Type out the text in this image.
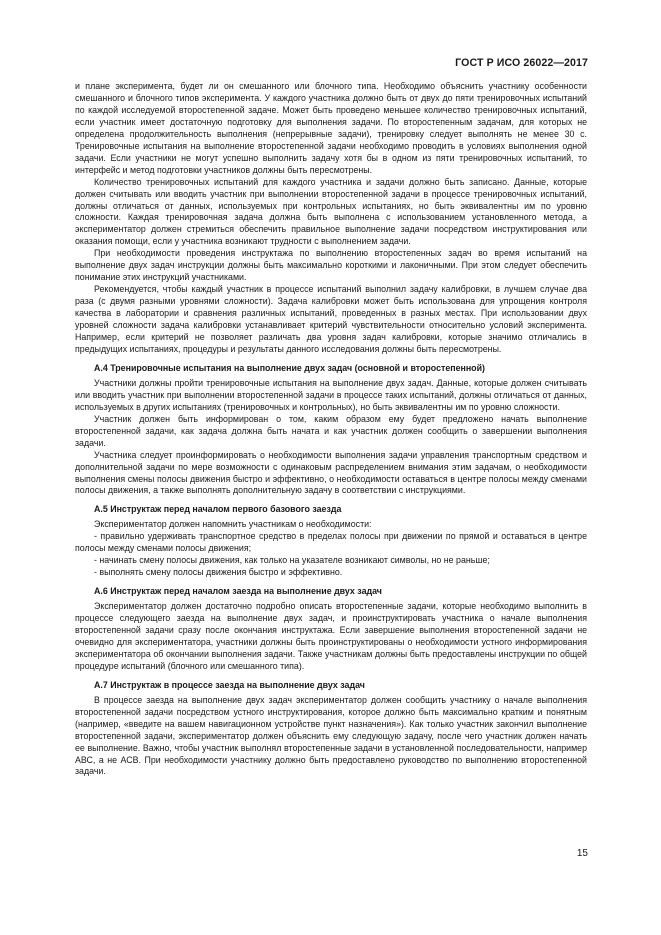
ГОСТ Р ИСО 26022—2017

и плане эксперимента, будет ли он смешанного или блочного типа. Необходимо объяснить участнику особенности смешанного и блочного типов эксперимента. У каждого участника должно быть от двух до пяти тренировочных испытаний по каждой исследуемой второстепенной задаче. Может быть проведено меньшее количество тренировочных испытаний, если участник имеет достаточную подготовку для выполнения задачи. По второстепенным задачам, для которых не определена продолжительность выполнения (непрерывные задачи), тренировку следует выполнять не менее 30 с. Тренировочные испытания на выполнение второстепенной задачи необходимо проводить в условиях выполнения одной задачи. Если участники не могут успешно выполнить задачу хотя бы в одном из пяти тренировочных испытаний, то интерфейс и метод подготовки участников должны быть пересмотрены.

Количество тренировочных испытаний для каждого участника и задачи должно быть записано. Данные, которые должен считывать или вводить участник при выполнении второстепенной задачи в процессе тренировочных испытаний, должны отличаться от данных, используемых при контрольных испытаниях, но быть эквивалентны им по уровню сложности. Каждая тренировочная задача должна быть выполнена с использованием установленного метода, а экспериментатор должен стремиться обеспечить правильное выполнение задачи посредством инструктирования или оказания помощи, если у участника возникают трудности с выполнением задачи.

При необходимости проведения инструктажа по выполнению второстепенных задач во время испытаний на выполнение двух задач инструкции должны быть максимально короткими и лаконичными. При этом следует обеспечить понимание этих инструкций участниками.

Рекомендуется, чтобы каждый участник в процессе испытаний выполнил задачу калибровки, в лучшем случае два раза (с двумя разными уровнями сложности). Задача калибровки может быть использована для упрощения контроля качества в лаборатории и сравнения различных испытаний, проведенных в разных местах. При использовании двух уровней сложности задача калибровки устанавливает критерий чувствительности относительно условий эксперимента. Например, если критерий не позволяет различать два уровня задач калибровки, которые значимо отличались в предыдущих испытаниях, процедуры и результаты данного исследования должны быть пересмотрены.

А.4 Тренировочные испытания на выполнение двух задач (основной и второстепенной)

Участники должны пройти тренировочные испытания на выполнение двух задач. Данные, которые должен считывать или вводить участник при выполнении второстепенной задачи в процессе таких испытаний, должны отличаться от данных, используемых в других испытаниях (тренировочных и контрольных), но быть эквивалентны им по уровню сложности.

Участник должен быть информирован о том, каким образом ему будет предложено начать выполнение второстепенной задачи, как задача должна быть начата и как участник должен сообщить о завершении выполнения задачи.

Участника следует проинформировать о необходимости выполнения задачи управления транспортным средством и дополнительной задачи по мере возможности с одинаковым распределением внимания этим задачам, о необходимости выполнения смены полосы движения быстро и эффективно, о необходимости оставаться в центре полосы между сменами полосы движения, а также выполнять дополнительную задачу в соответствии с инструкциями.

А.5 Инструктаж перед началом первого базового заезда

Экспериментатор должен напомнить участникам о необходимости:

- правильно удерживать транспортное средство в пределах полосы при движении по прямой и оставаться в центре полосы между сменами полосы движения;

- начинать смену полосы движения, как только на указателе возникают символы, но не раньше;

- выполнять смену полосы движения быстро и эффективно.

А.6 Инструктаж перед началом заезда на выполнение двух задач

Экспериментатор должен достаточно подробно описать второстепенные задачи, которые необходимо выполнить в процессе следующего заезда на выполнение двух задач, и проинструктировать участника о начале выполнения второстепенной задачи сразу после окончания инструктажа. Если завершение выполнения второстепенной задачи не очевидно для экспериментатора, участники должны быть проинструктированы о необходимости устного информирования экспериментатора об окончании выполнения задачи. Также участникам должны быть предоставлены инструкции по общей процедуре испытаний (блочного или смешанного типа).

А.7 Инструктаж в процессе заезда на выполнение двух задач

В процессе заезда на выполнение двух задач экспериментатор должен сообщить участнику о начале выполнения второстепенной задачи посредством устного инструктирования, которое должно быть максимально кратким и понятным (например, «введите на вашем навигационном устройстве пункт назначения»). Как только участник закончил выполнение второстепенной задачи, экспериментатор должен объяснить ему следующую задачу, после чего участник должен начать ее выполнение. Важно, чтобы участник выполнял второстепенные задачи в установленной последовательности, например АВС, а не АСВ. При необходимости участнику должно быть предоставлено руководство по выполнению второстепенной задачи.

15
